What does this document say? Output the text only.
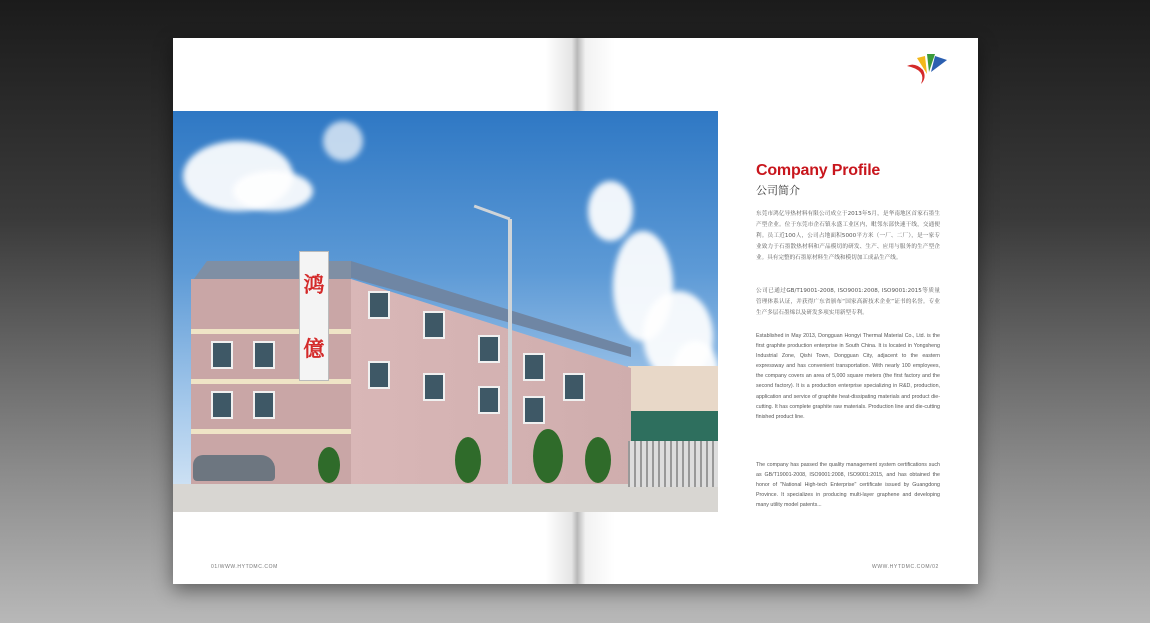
鸿
億
Company Profile
公司简介
东莞市鸿亿导热材料有限公司成立于2013年5月，是华南地区首家石墨生产型企业。位于东莞市企石镇永盛工业区内，毗邻东部快速干线，交通便利。员工近100人，公司占地面积5000平方米（一厂、二厂），是一家专业致力于石墨散热材料和产品模切的研发、生产、应用与服务的生产型企业。具有完整的石墨原材料生产线和模切加工成品生产线。
公司已通过GB/T19001-2008, ISO9001:2008, ISO9001:2015等质量管理体系认证，并获得广东省颁布“国家高新技术企业”证书的名誉。专业生产多层石墨烯以及研发多项实用新型专利。
Established in May 2013, Dongguan Hongyi Thermal Material Co., Ltd. is the first graphite production enterprise in South China. It is located in Yongsheng Industrial Zone, Qishi Town, Dongguan City, adjacent to the eastern expressway and has convenient transportation. With nearly 100 employees, the company covers an area of 5,000 square meters (the first factory and the second factory). It is a production enterprise specializing in R&D, production, application and service of graphite heat-dissipating materials and product die-cutting. It has complete graphite raw materials. Production line and die-cutting finished product line.
The company has passed the quality management system certifications such as GB/T19001-2008, ISO9001:2008, ISO9001:2015, and has obtained the honor of "National High-tech Enterprise" certificate issued by Guangdong Province. It specializes in producing multi-layer graphene and developing many utility model patents...
01/WWW.HYTDMC.COM	WWW.HYTDMC.COM/02
